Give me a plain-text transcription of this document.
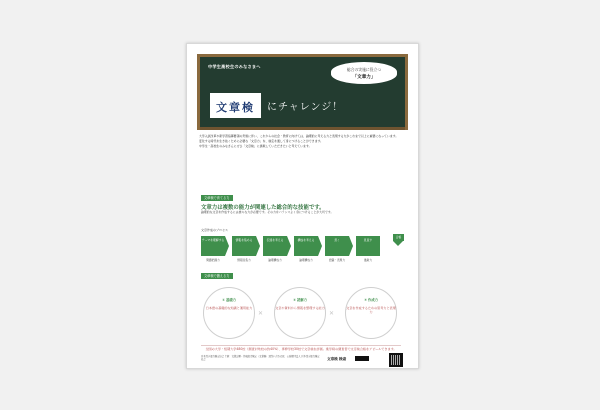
中学生高校生のみなさまへ
総合の実施に役立つ
「文章力」
文章検	にチャレンジ！

大学入試改革や新学習指導要領の実施に伴い、これからの社会・教育に向けては、論理的に考える力と表現する力がこれまで以上に重要になっています。

変化する時代を生き抜くために必要な「文章力」を、検定を通して身につけることができます。

中学生・高校生のみなさんにぜひ「文章検」に挑戦していただきたいと考えています。

文章検で育てる力
文章力は複数の能力が関連した総合的な技能です。
論理的な文章を作成するには様々な力が必要です。その力をバランスよく身につけることが大切です。
文章作成のプロセス
テーマを理解する	情報を集める	伝達を考える	構成を考える	書く	見直す
問題把握力	情報収集力	論理構成力	論理構成力	語彙・表現力	推敲力
合格
文章検で鍛える力
① 基礎力
日本語の基礎的な知識と運用能力
✕
② 読解力
文章や資料から情報を整理する能力
✕
③ 作成力
文章を作成するための思考力と表現力
全国の大学・短期大学480校（調査対象校の約40%）、専修学校30校で文章検を評価。進学時の調査書で文章検合格をアピールできます。
日本漢字能力検定協会 主催　文章読解・作成能力検定（文章検）お問い合わせ先：公益財団法人 日本漢字能力検定協会	文章検 検索
